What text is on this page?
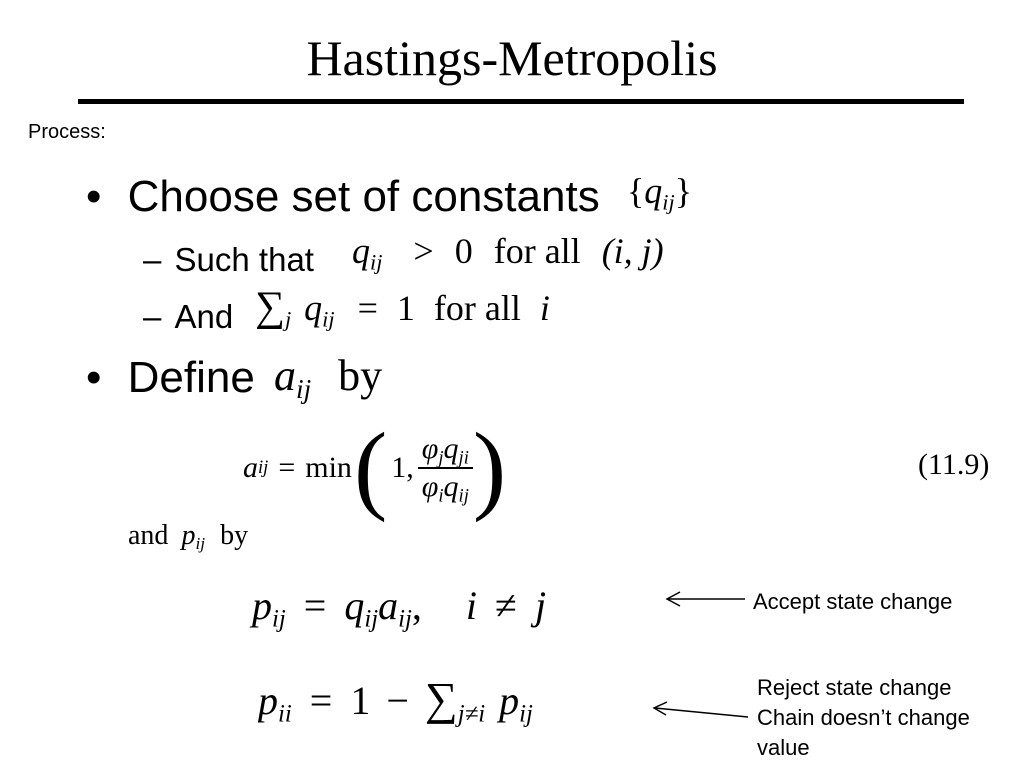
Hastings-Metropolis
Process:
• Choose set of constants $\{q_{ij}\}$
– Such that $q_{ij} > 0$ for all (i, j)
– And $\sum_j$ $q_{ij} = 1$ for all i
• Define $a_{ij}$ by
a ij = min ( 1, $\frac{\varphi_jq_{ji}}{\varphi_iq_{ij}}$ )	(11.9)
and $p_{ij}$ by
$p_{ij} = q_{ij}a_{ij}$, i ≠ j
$p_{ii} = 1 - \sum_{j\ne i}$ $p_{ij}$
Accept state change
Reject state change
Chain doesn’t change
value
